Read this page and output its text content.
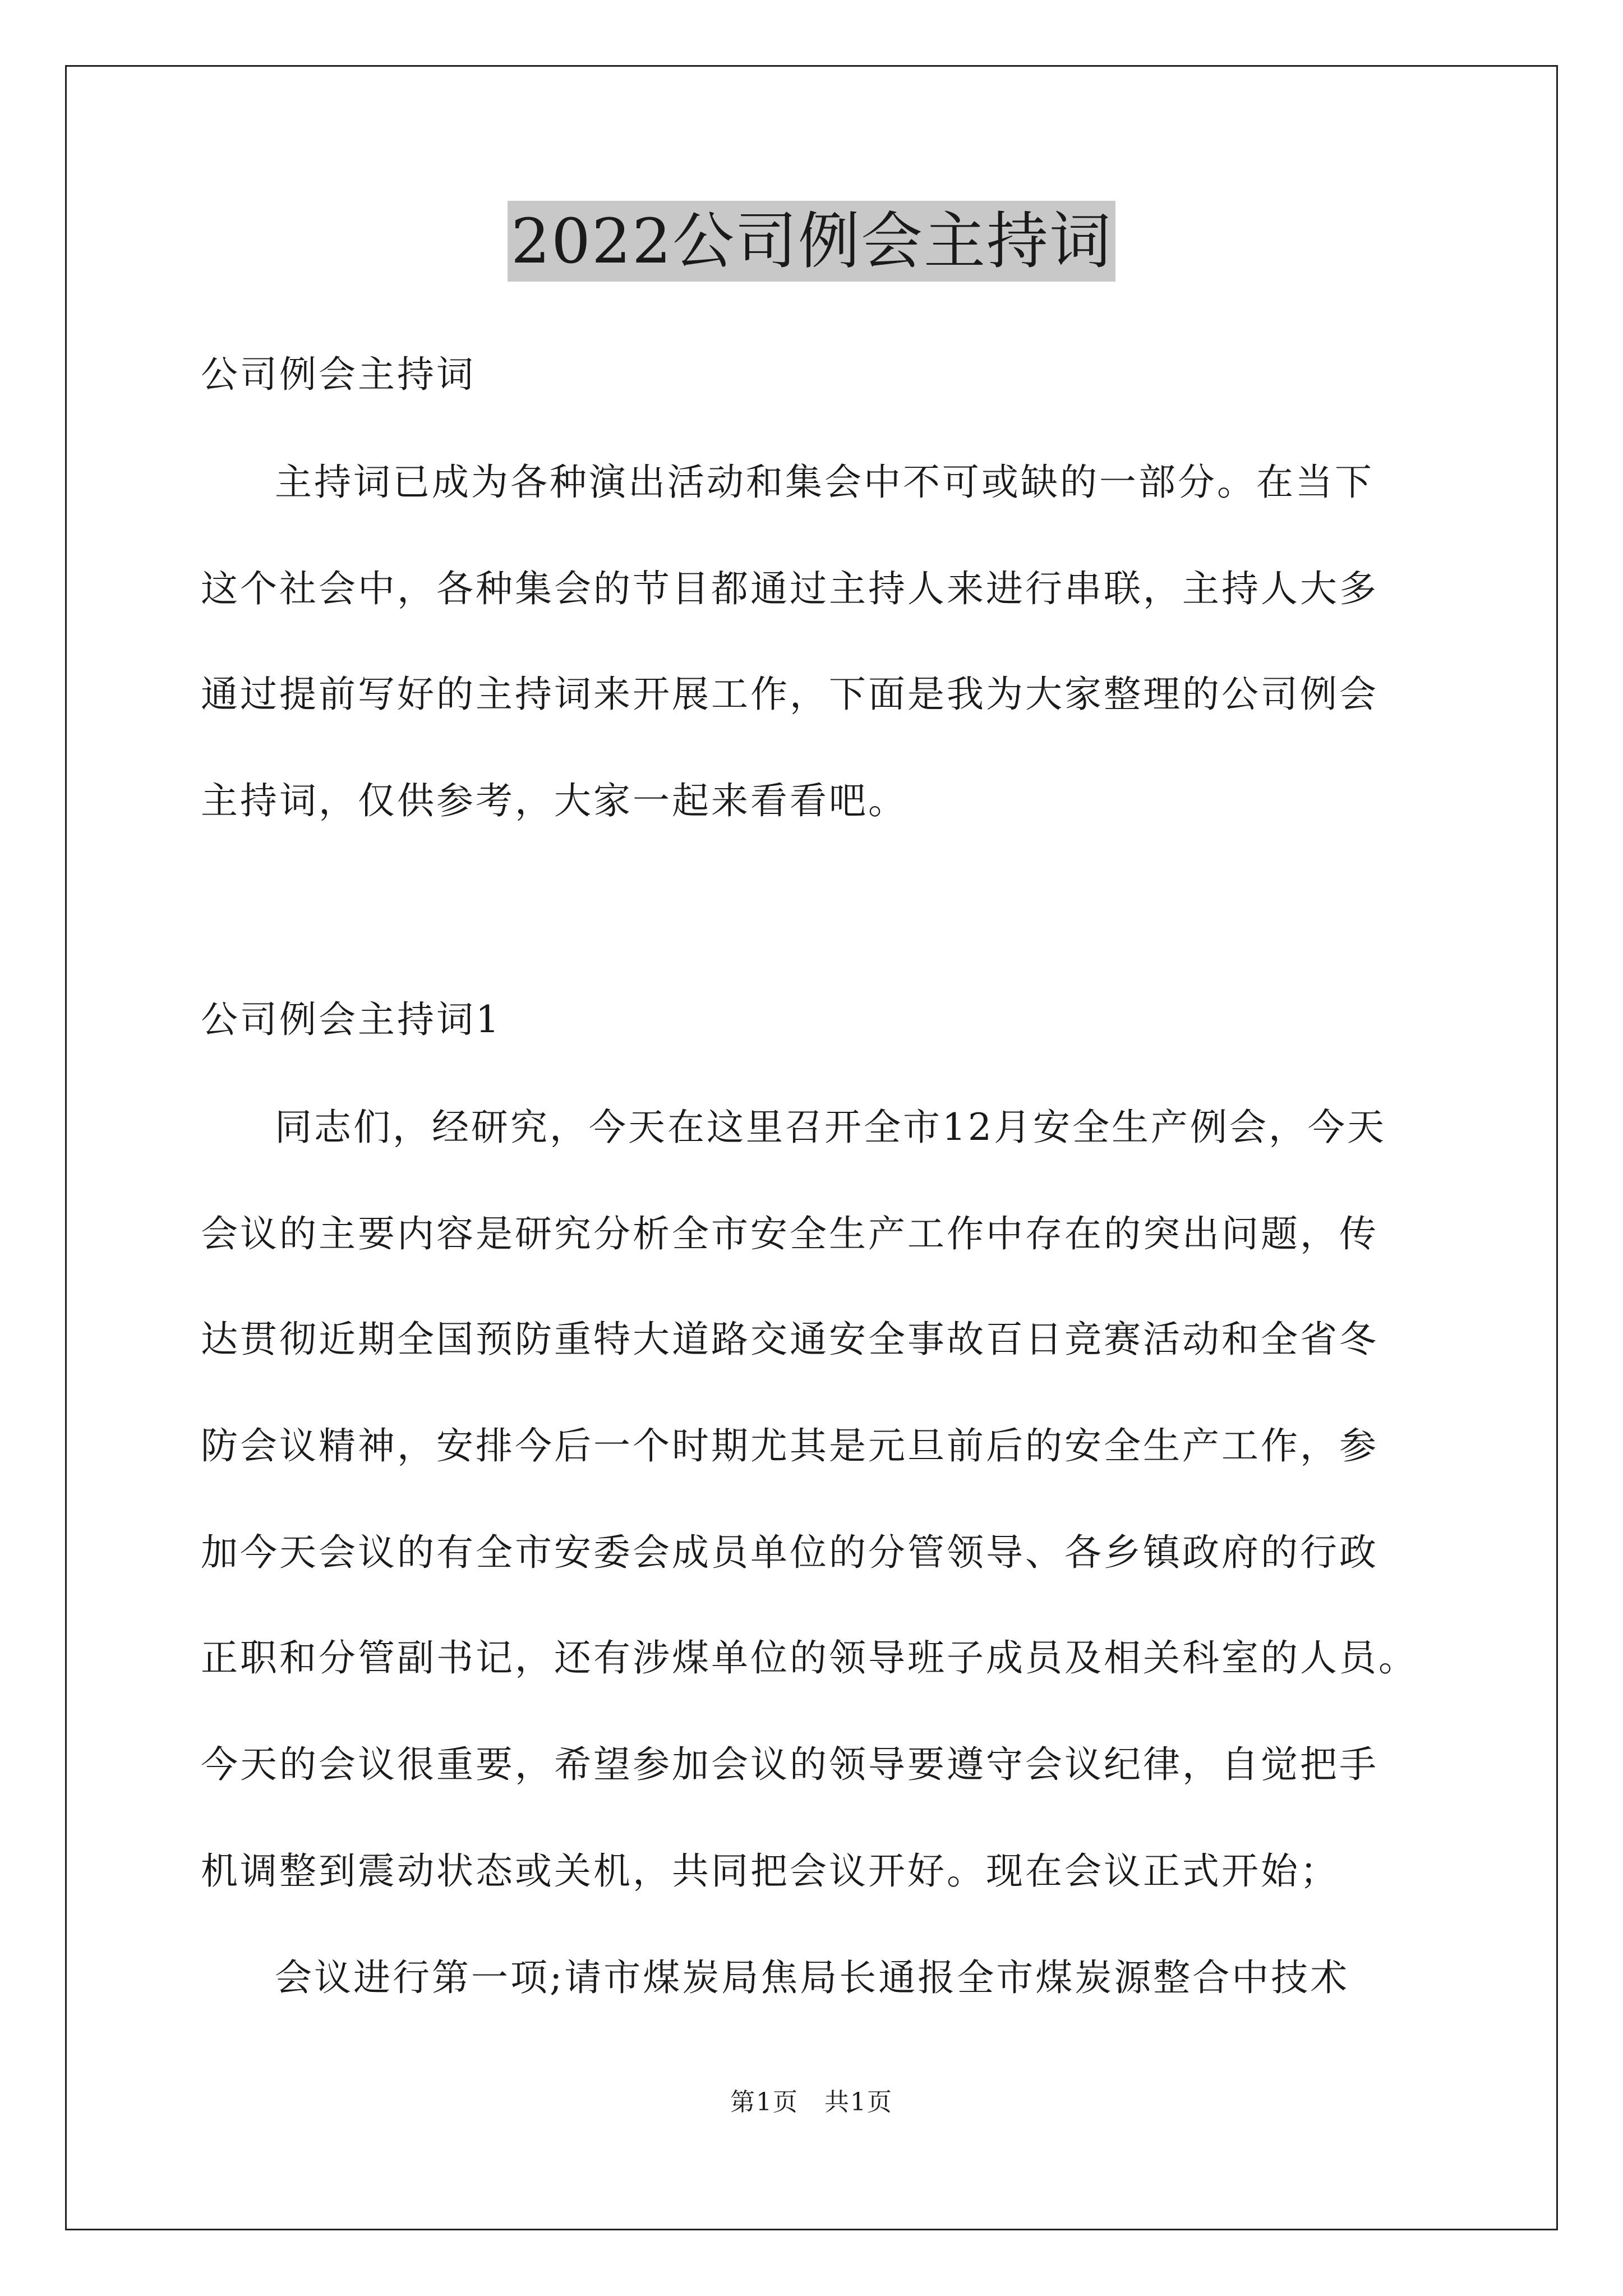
2022公司例会主持词
公司例会主持词
主持词已成为各种演出活动和集会中不可或缺的一部分。在当下
这个社会中，各种集会的节目都通过主持人来进行串联，主持人大多
通过提前写好的主持词来开展工作，下面是我为大家整理的公司例会
主持词，仅供参考，大家一起来看看吧。
公司例会主持词1
同志们，经研究，今天在这里召开全市12月安全生产例会，今天
会议的主要内容是研究分析全市安全生产工作中存在的突出问题，传
达贯彻近期全国预防重特大道路交通安全事故百日竞赛活动和全省冬
防会议精神，安排今后一个时期尤其是元旦前后的安全生产工作，参
加今天会议的有全市安委会成员单位的分管领导、各乡镇政府的行政
正职和分管副书记，还有涉煤单位的领导班子成员及相关科室的人员。
今天的会议很重要，希望参加会议的领导要遵守会议纪律，自觉把手
机调整到震动状态或关机，共同把会议开好。现在会议正式开始；
会议进行第一项;请市煤炭局焦局长通报全市煤炭源整合中技术
第1页　共1页
